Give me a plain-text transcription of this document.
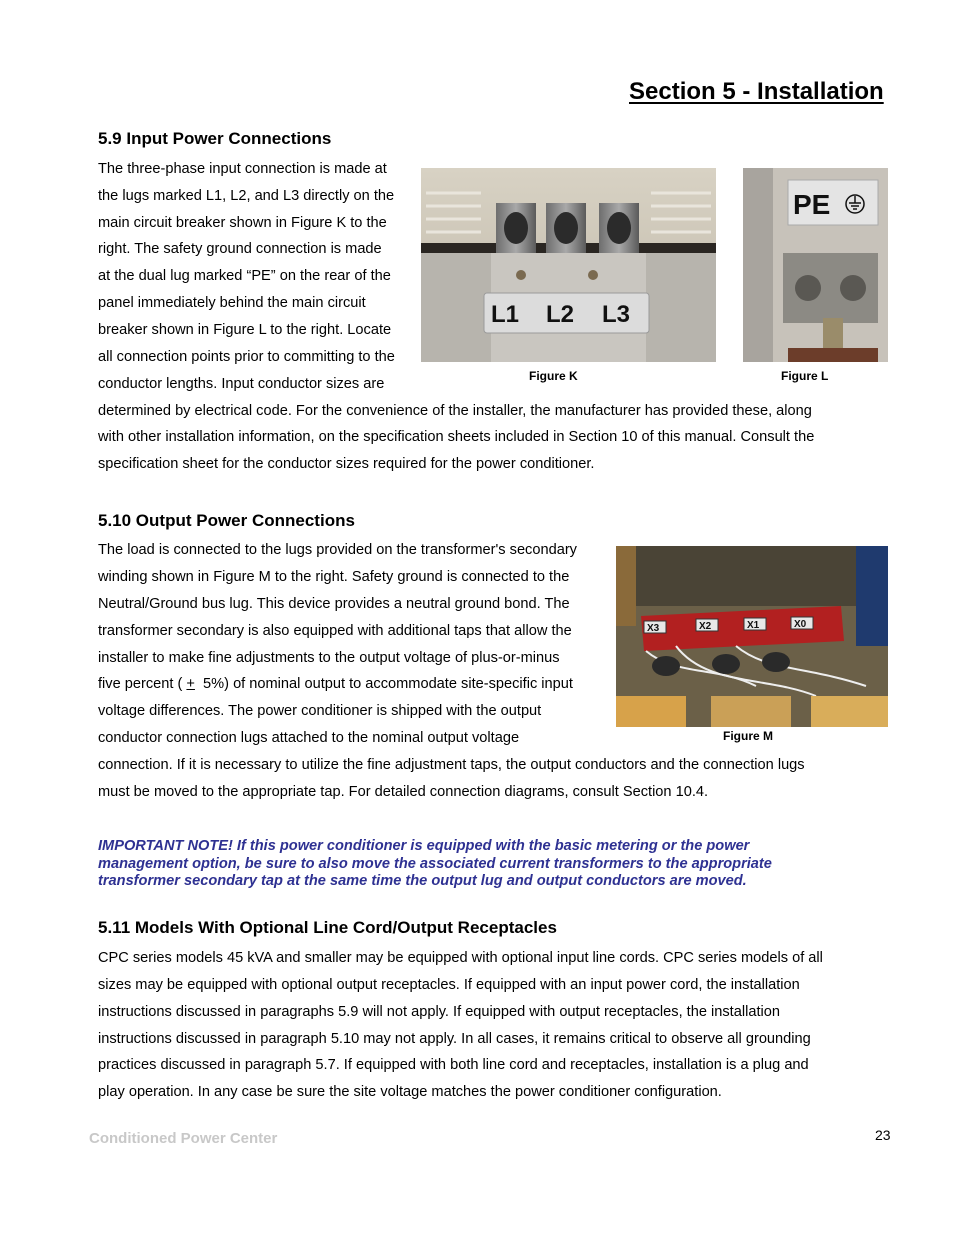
Section 5 - Installation
5.9 Input Power Connections
The three-phase input connection is made at
the lugs marked L1, L2, and L3 directly on the
main circuit breaker shown in Figure K to the
right. The safety ground connection is made
at the dual lug marked “PE” on the rear of the
panel immediately behind the main circuit
breaker shown in Figure L to the right. Locate
all connection points prior to committing to the
conductor lengths. Input conductor sizes are
determined by electrical code. For the convenience of the installer, the manufacturer has provided these, along
with other installation information, on the specification sheets included in Section 10 of this manual. Consult the
specification sheet for the conductor sizes required for the power conditioner.
L1 L2 L3
Figure K
PE
Figure L
5.10 Output Power Connections
The load is connected to the lugs provided on the transformer's secondary
winding shown in Figure M to the right. Safety ground is connected to the
Neutral/Ground bus lug. This device provides a neutral ground bond. The
transformer secondary is also equipped with additional taps that allow the
installer to make fine adjustments to the output voltage of plus-or-minus
five percent ( +  5%) of nominal output to accommodate site-specific input
voltage differences. The power conditioner is shipped with the output
conductor connection lugs attached to the nominal output voltage
connection. If it is necessary to utilize the fine adjustment taps, the output conductors and the connection lugs
must be moved to the appropriate tap. For detailed connection diagrams, consult Section 10.4.
X3	X2	X1	X0
Figure M
IMPORTANT NOTE! If this power conditioner is equipped with the basic metering or the power
management option, be sure to also move the associated current transformers to the appropriate
transformer secondary tap at the same time the output lug and output conductors are moved.
5.11 Models With Optional Line Cord/Output Receptacles
CPC series models 45 kVA and smaller may be equipped with optional input line cords. CPC series models of all
sizes may be equipped with optional output receptacles. If equipped with an input power cord, the installation
instructions discussed in paragraphs 5.9 will not apply. If equipped with output receptacles, the installation
instructions discussed in paragraph 5.10 may not apply. In all cases, it remains critical to observe all grounding
practices discussed in paragraph 5.7. If equipped with both line cord and receptacles, installation is a plug and
play operation. In any case be sure the site voltage matches the power conditioner configuration.
Conditioned Power Center	23
